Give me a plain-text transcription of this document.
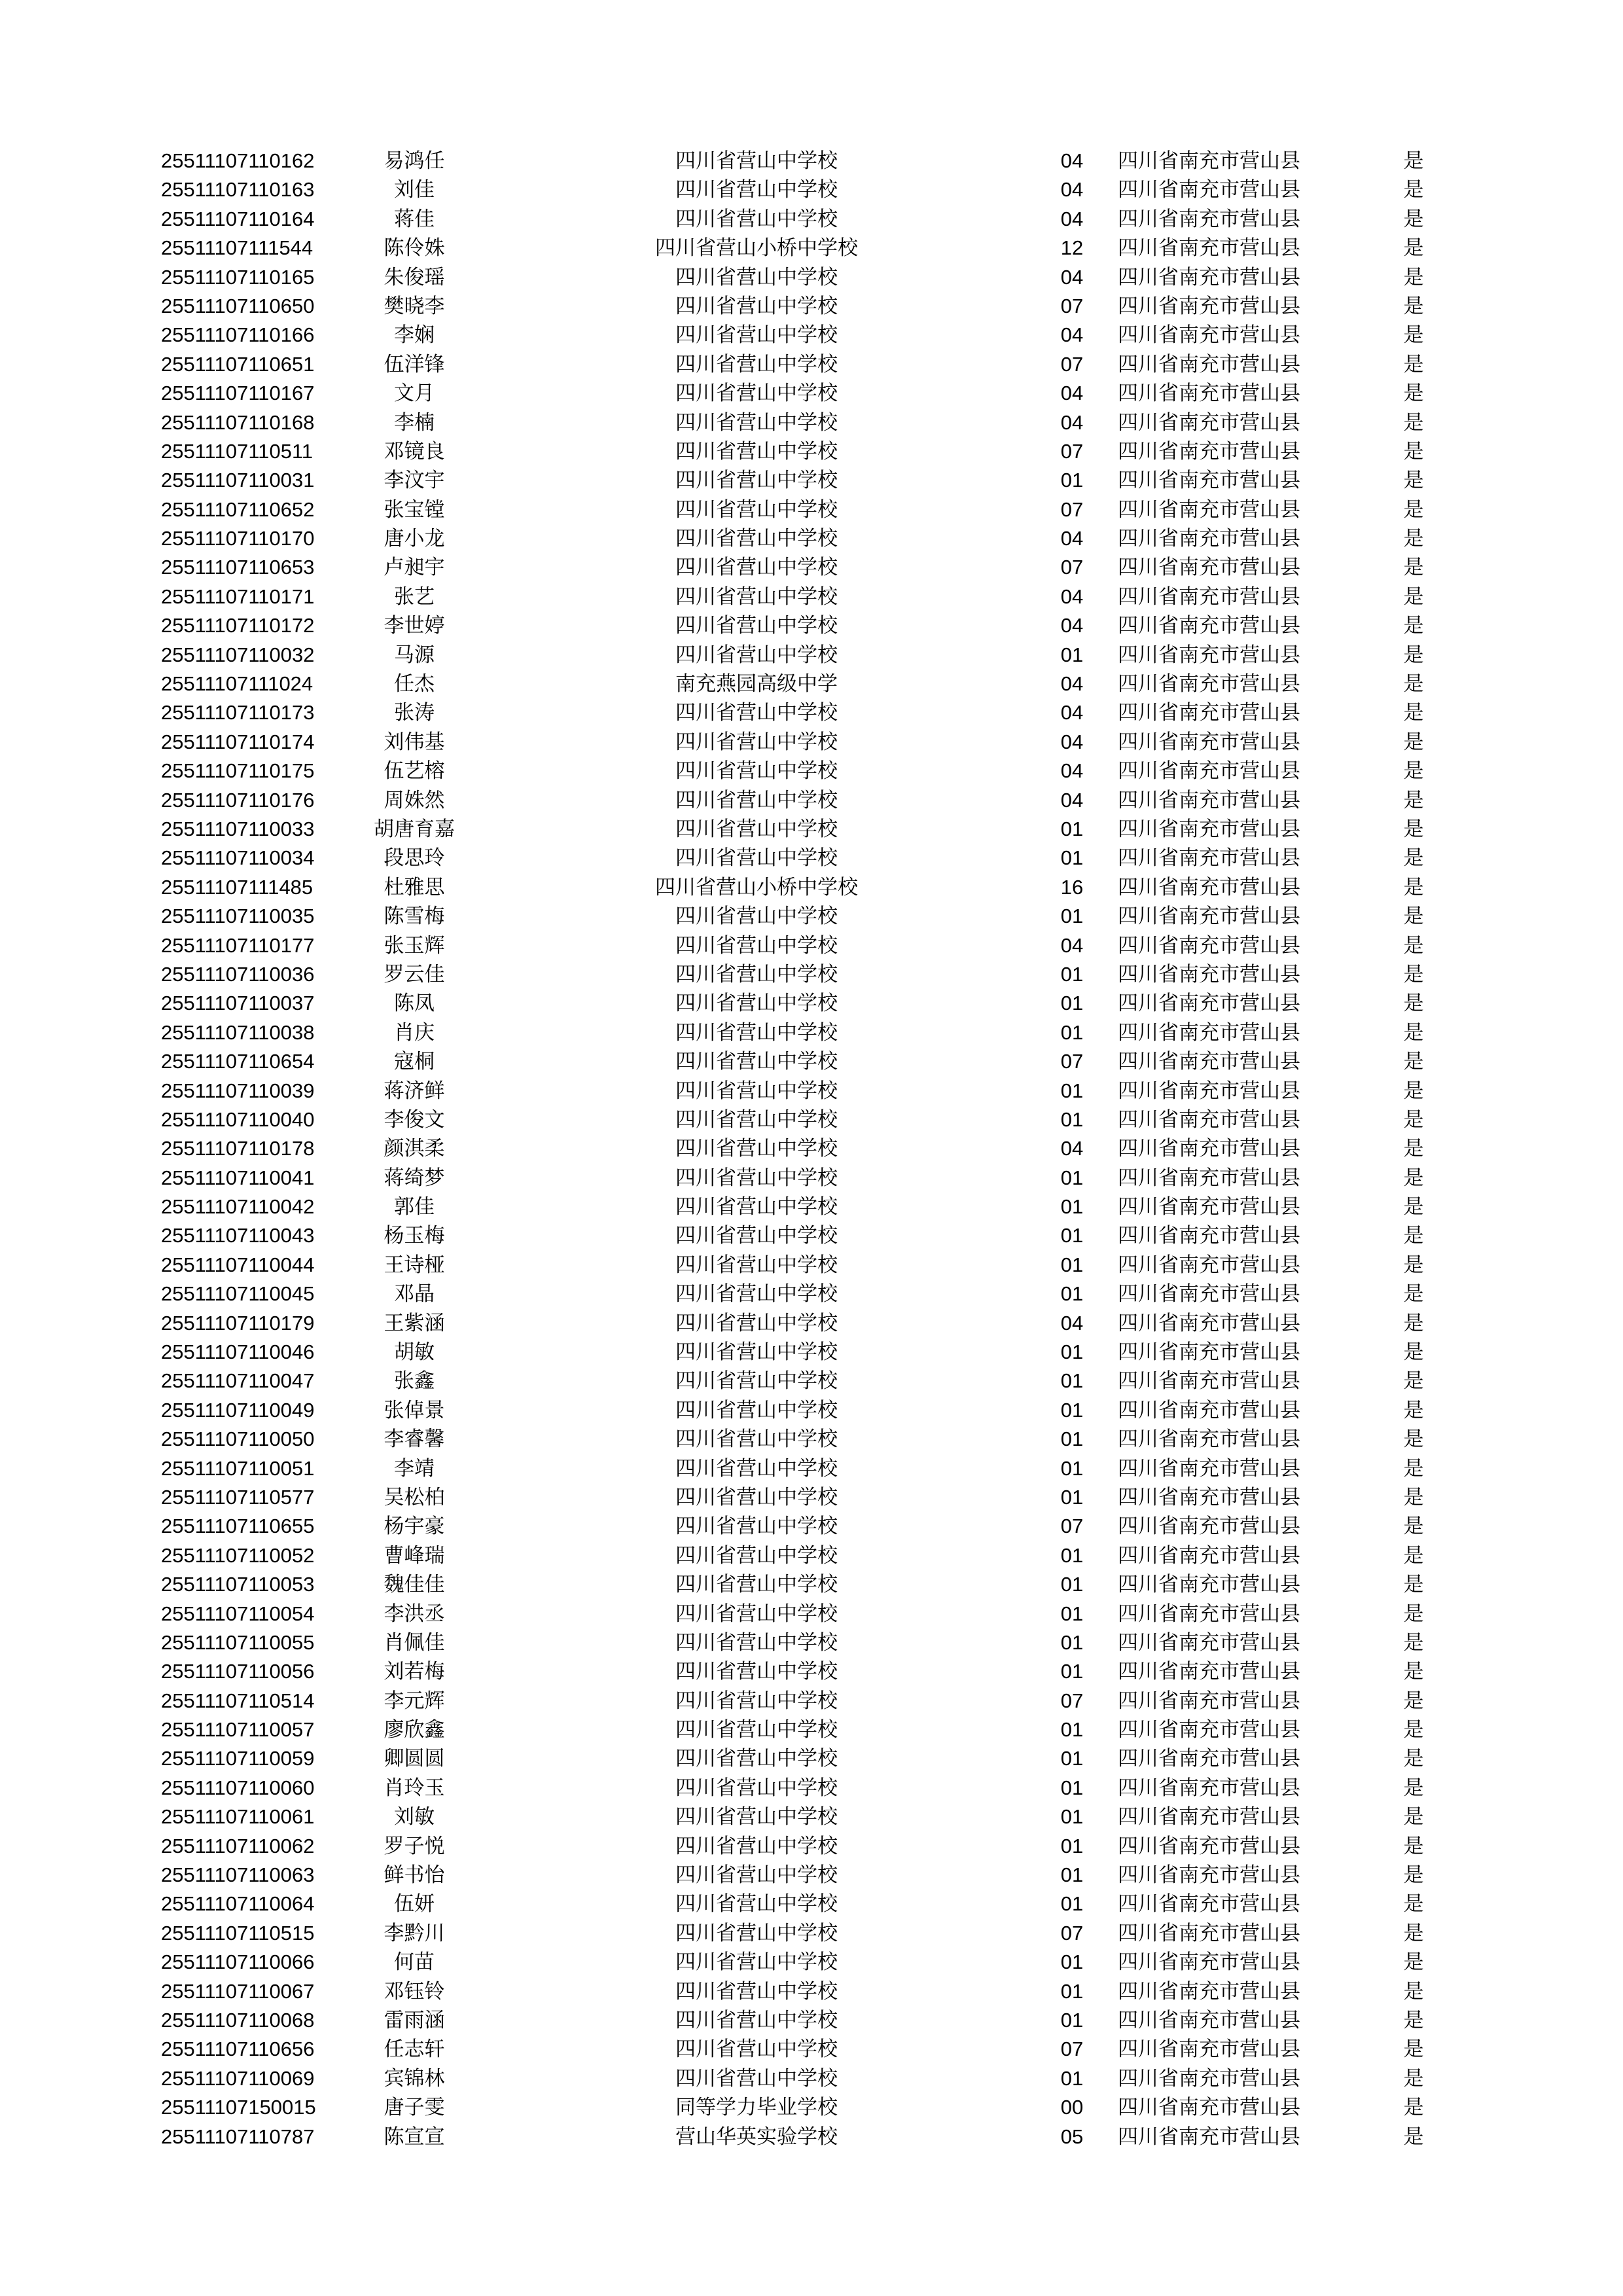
25511107110162	易鸿任	四川省营山中学校	04	四川省南充市营山县	是
25511107110163	刘佳	四川省营山中学校	04	四川省南充市营山县	是
25511107110164	蒋佳	四川省营山中学校	04	四川省南充市营山县	是
25511107111544	陈伶姝	四川省营山小桥中学校	12	四川省南充市营山县	是
25511107110165	朱俊瑶	四川省营山中学校	04	四川省南充市营山县	是
25511107110650	樊晓李	四川省营山中学校	07	四川省南充市营山县	是
25511107110166	李娴	四川省营山中学校	04	四川省南充市营山县	是
25511107110651	伍洋锋	四川省营山中学校	07	四川省南充市营山县	是
25511107110167	文月	四川省营山中学校	04	四川省南充市营山县	是
25511107110168	李楠	四川省营山中学校	04	四川省南充市营山县	是
25511107110511	邓镜良	四川省营山中学校	07	四川省南充市营山县	是
25511107110031	李汶宇	四川省营山中学校	01	四川省南充市营山县	是
25511107110652	张宝镗	四川省营山中学校	07	四川省南充市营山县	是
25511107110170	唐小龙	四川省营山中学校	04	四川省南充市营山县	是
25511107110653	卢昶宇	四川省营山中学校	07	四川省南充市营山县	是
25511107110171	张艺	四川省营山中学校	04	四川省南充市营山县	是
25511107110172	李世婷	四川省营山中学校	04	四川省南充市营山县	是
25511107110032	马源	四川省营山中学校	01	四川省南充市营山县	是
25511107111024	任杰	南充燕园高级中学	04	四川省南充市营山县	是
25511107110173	张涛	四川省营山中学校	04	四川省南充市营山县	是
25511107110174	刘伟基	四川省营山中学校	04	四川省南充市营山县	是
25511107110175	伍艺榕	四川省营山中学校	04	四川省南充市营山县	是
25511107110176	周姝然	四川省营山中学校	04	四川省南充市营山县	是
25511107110033	胡唐育嘉	四川省营山中学校	01	四川省南充市营山县	是
25511107110034	段思玲	四川省营山中学校	01	四川省南充市营山县	是
25511107111485	杜雅思	四川省营山小桥中学校	16	四川省南充市营山县	是
25511107110035	陈雪梅	四川省营山中学校	01	四川省南充市营山县	是
25511107110177	张玉辉	四川省营山中学校	04	四川省南充市营山县	是
25511107110036	罗云佳	四川省营山中学校	01	四川省南充市营山县	是
25511107110037	陈凤	四川省营山中学校	01	四川省南充市营山县	是
25511107110038	肖庆	四川省营山中学校	01	四川省南充市营山县	是
25511107110654	寇桐	四川省营山中学校	07	四川省南充市营山县	是
25511107110039	蒋济鲜	四川省营山中学校	01	四川省南充市营山县	是
25511107110040	李俊文	四川省营山中学校	01	四川省南充市营山县	是
25511107110178	颜淇柔	四川省营山中学校	04	四川省南充市营山县	是
25511107110041	蒋绮梦	四川省营山中学校	01	四川省南充市营山县	是
25511107110042	郭佳	四川省营山中学校	01	四川省南充市营山县	是
25511107110043	杨玉梅	四川省营山中学校	01	四川省南充市营山县	是
25511107110044	王诗桠	四川省营山中学校	01	四川省南充市营山县	是
25511107110045	邓晶	四川省营山中学校	01	四川省南充市营山县	是
25511107110179	王紫涵	四川省营山中学校	04	四川省南充市营山县	是
25511107110046	胡敏	四川省营山中学校	01	四川省南充市营山县	是
25511107110047	张鑫	四川省营山中学校	01	四川省南充市营山县	是
25511107110049	张倬景	四川省营山中学校	01	四川省南充市营山县	是
25511107110050	李睿馨	四川省营山中学校	01	四川省南充市营山县	是
25511107110051	李靖	四川省营山中学校	01	四川省南充市营山县	是
25511107110577	吴松柏	四川省营山中学校	01	四川省南充市营山县	是
25511107110655	杨宇豪	四川省营山中学校	07	四川省南充市营山县	是
25511107110052	曹峰瑞	四川省营山中学校	01	四川省南充市营山县	是
25511107110053	魏佳佳	四川省营山中学校	01	四川省南充市营山县	是
25511107110054	李洪丞	四川省营山中学校	01	四川省南充市营山县	是
25511107110055	肖佩佳	四川省营山中学校	01	四川省南充市营山县	是
25511107110056	刘若梅	四川省营山中学校	01	四川省南充市营山县	是
25511107110514	李元辉	四川省营山中学校	07	四川省南充市营山县	是
25511107110057	廖欣鑫	四川省营山中学校	01	四川省南充市营山县	是
25511107110059	卿圆圆	四川省营山中学校	01	四川省南充市营山县	是
25511107110060	肖玲玉	四川省营山中学校	01	四川省南充市营山县	是
25511107110061	刘敏	四川省营山中学校	01	四川省南充市营山县	是
25511107110062	罗子悦	四川省营山中学校	01	四川省南充市营山县	是
25511107110063	鲜书怡	四川省营山中学校	01	四川省南充市营山县	是
25511107110064	伍妍	四川省营山中学校	01	四川省南充市营山县	是
25511107110515	李黔川	四川省营山中学校	07	四川省南充市营山县	是
25511107110066	何苗	四川省营山中学校	01	四川省南充市营山县	是
25511107110067	邓钰铃	四川省营山中学校	01	四川省南充市营山县	是
25511107110068	雷雨涵	四川省营山中学校	01	四川省南充市营山县	是
25511107110656	任志轩	四川省营山中学校	07	四川省南充市营山县	是
25511107110069	宾锦林	四川省营山中学校	01	四川省南充市营山县	是
25511107150015	唐子雯	同等学力毕业学校	00	四川省南充市营山县	是
25511107110787	陈宣宣	营山华英实验学校	05	四川省南充市营山县	是
